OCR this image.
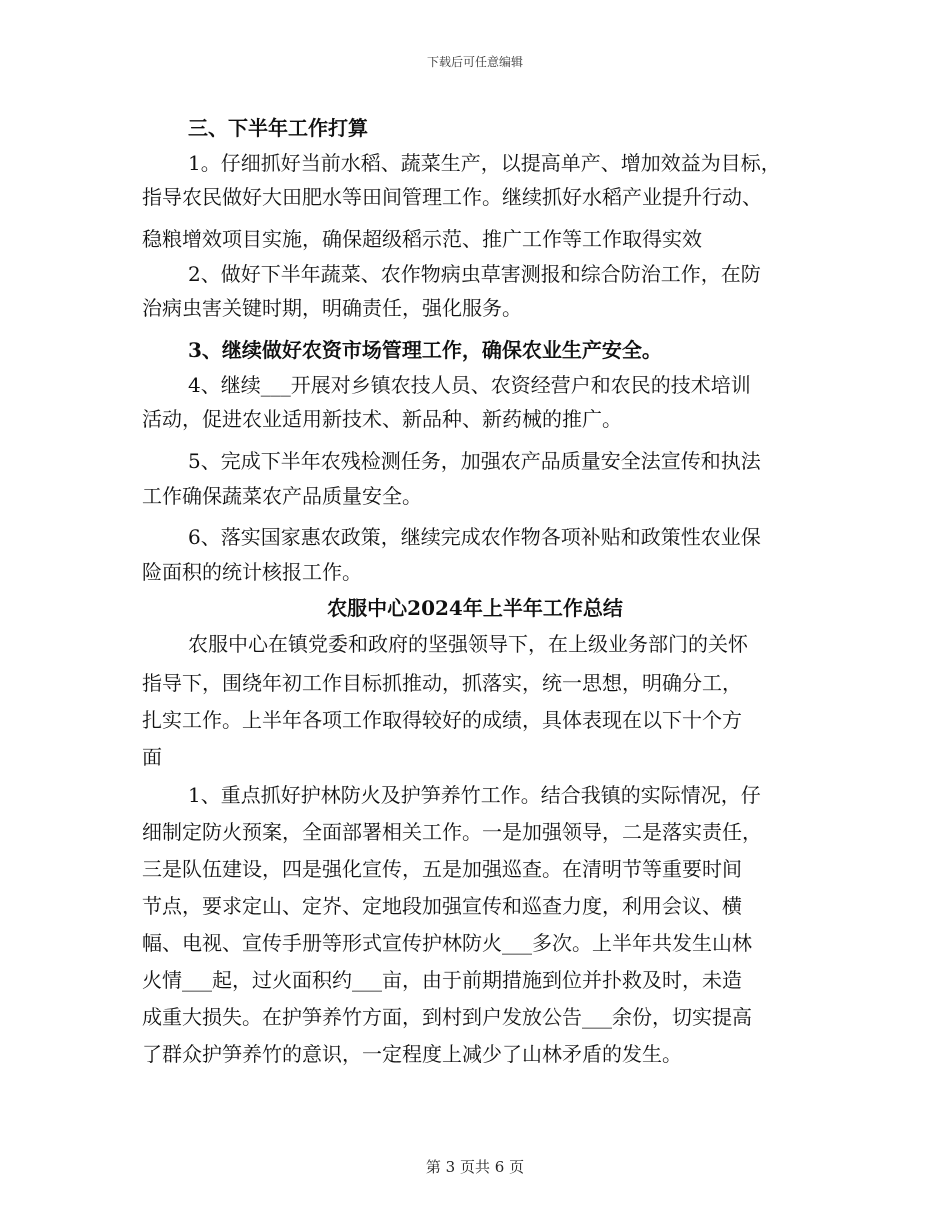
下载后可任意编辑
三、下半年工作打算
1。仔细抓好当前水稻、蔬菜生产，以提高单产、增加效益为目标，
指导农民做好大田肥水等田间管理工作。继续抓好水稻产业提升行动、
稳粮增效项目实施，确保超级稻示范、推广工作等工作取得实效
2、做好下半年蔬菜、农作物病虫草害测报和综合防治工作，在防
治病虫害关键时期，明确责任，强化服务。
3、继续做好农资市场管理工作，确保农业生产安全。
4、继续___开展对乡镇农技人员、农资经营户和农民的技术培训
活动，促进农业适用新技术、新品种、新药械的推广。
5、完成下半年农残检测任务，加强农产品质量安全法宣传和执法
工作确保蔬菜农产品质量安全。
6、落实国家惠农政策，继续完成农作物各项补贴和政策性农业保
险面积的统计核报工作。
农服中心2024年上半年工作总结
农服中心在镇党委和政府的坚强领导下，在上级业务部门的关怀
指导下，围绕年初工作目标抓推动，抓落实，统一思想，明确分工，
扎实工作。上半年各项工作取得较好的成绩，具体表现在以下十个方
面
1、重点抓好护林防火及护笋养竹工作。结合我镇的实际情况，仔
细制定防火预案，全面部署相关工作。一是加强领导，二是落实责任，
三是队伍建设，四是强化宣传，五是加强巡查。在清明节等重要时间
节点，要求定山、定岕、定地段加强宣传和巡查力度，利用会议、横
幅、电视、宣传手册等形式宣传护林防火___多次。上半年共发生山林
火情___起，过火面积约___亩，由于前期措施到位并扑救及时，未造
成重大损失。在护笋养竹方面，到村到户发放公告___余份，切实提高
了群众护笋养竹的意识，一定程度上减少了山林矛盾的发生。
第 3 页共 6 页
